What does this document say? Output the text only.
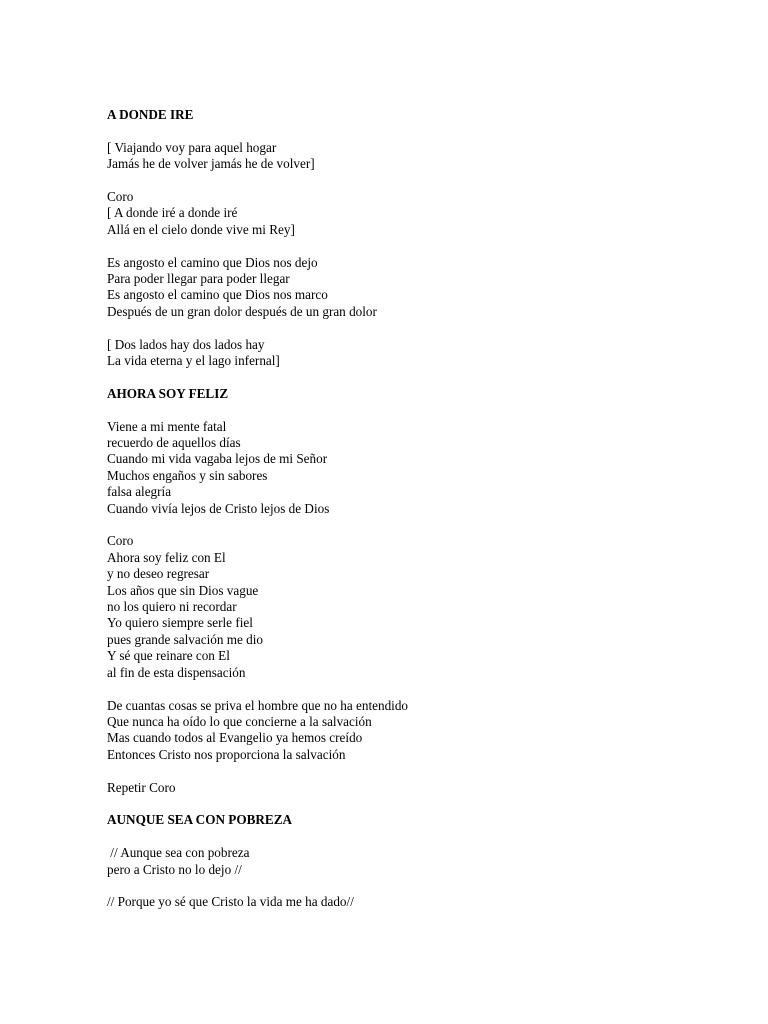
A DONDE IRE
[ Viajando voy para aquel hogar
Jamás he de volver jamás he de volver]
Coro
[ A donde iré a donde iré
Allá en el cielo donde vive mi Rey]
Es angosto el camino que Dios nos dejo
Para poder llegar para poder llegar
Es angosto el camino que Dios nos marco
Después de un gran dolor después de un gran dolor
[ Dos lados hay dos lados hay
La vida eterna y el lago infernal]
AHORA SOY FELIZ
Viene a mi mente fatal
recuerdo de aquellos días
Cuando mi vida vagaba lejos de mi Señor
Muchos engaños y sin sabores
falsa alegría
Cuando vivía lejos de Cristo lejos de Dios
Coro
Ahora soy feliz con El
y no deseo regresar
Los años que sin Dios vague
no los quiero ni recordar
Yo quiero siempre serle fiel
pues grande salvación me dio
Y sé que reinare con El
al fin de esta dispensación
De cuantas cosas se priva el hombre que no ha entendido
Que nunca ha oído lo que concierne a la salvación
Mas cuando todos al Evangelio ya hemos creído
Entonces Cristo nos proporciona la salvación
Repetir Coro
AUNQUE SEA CON POBREZA
// Aunque sea con pobreza
pero a Cristo no lo dejo //
// Porque yo sé que Cristo la vida me ha dado//
